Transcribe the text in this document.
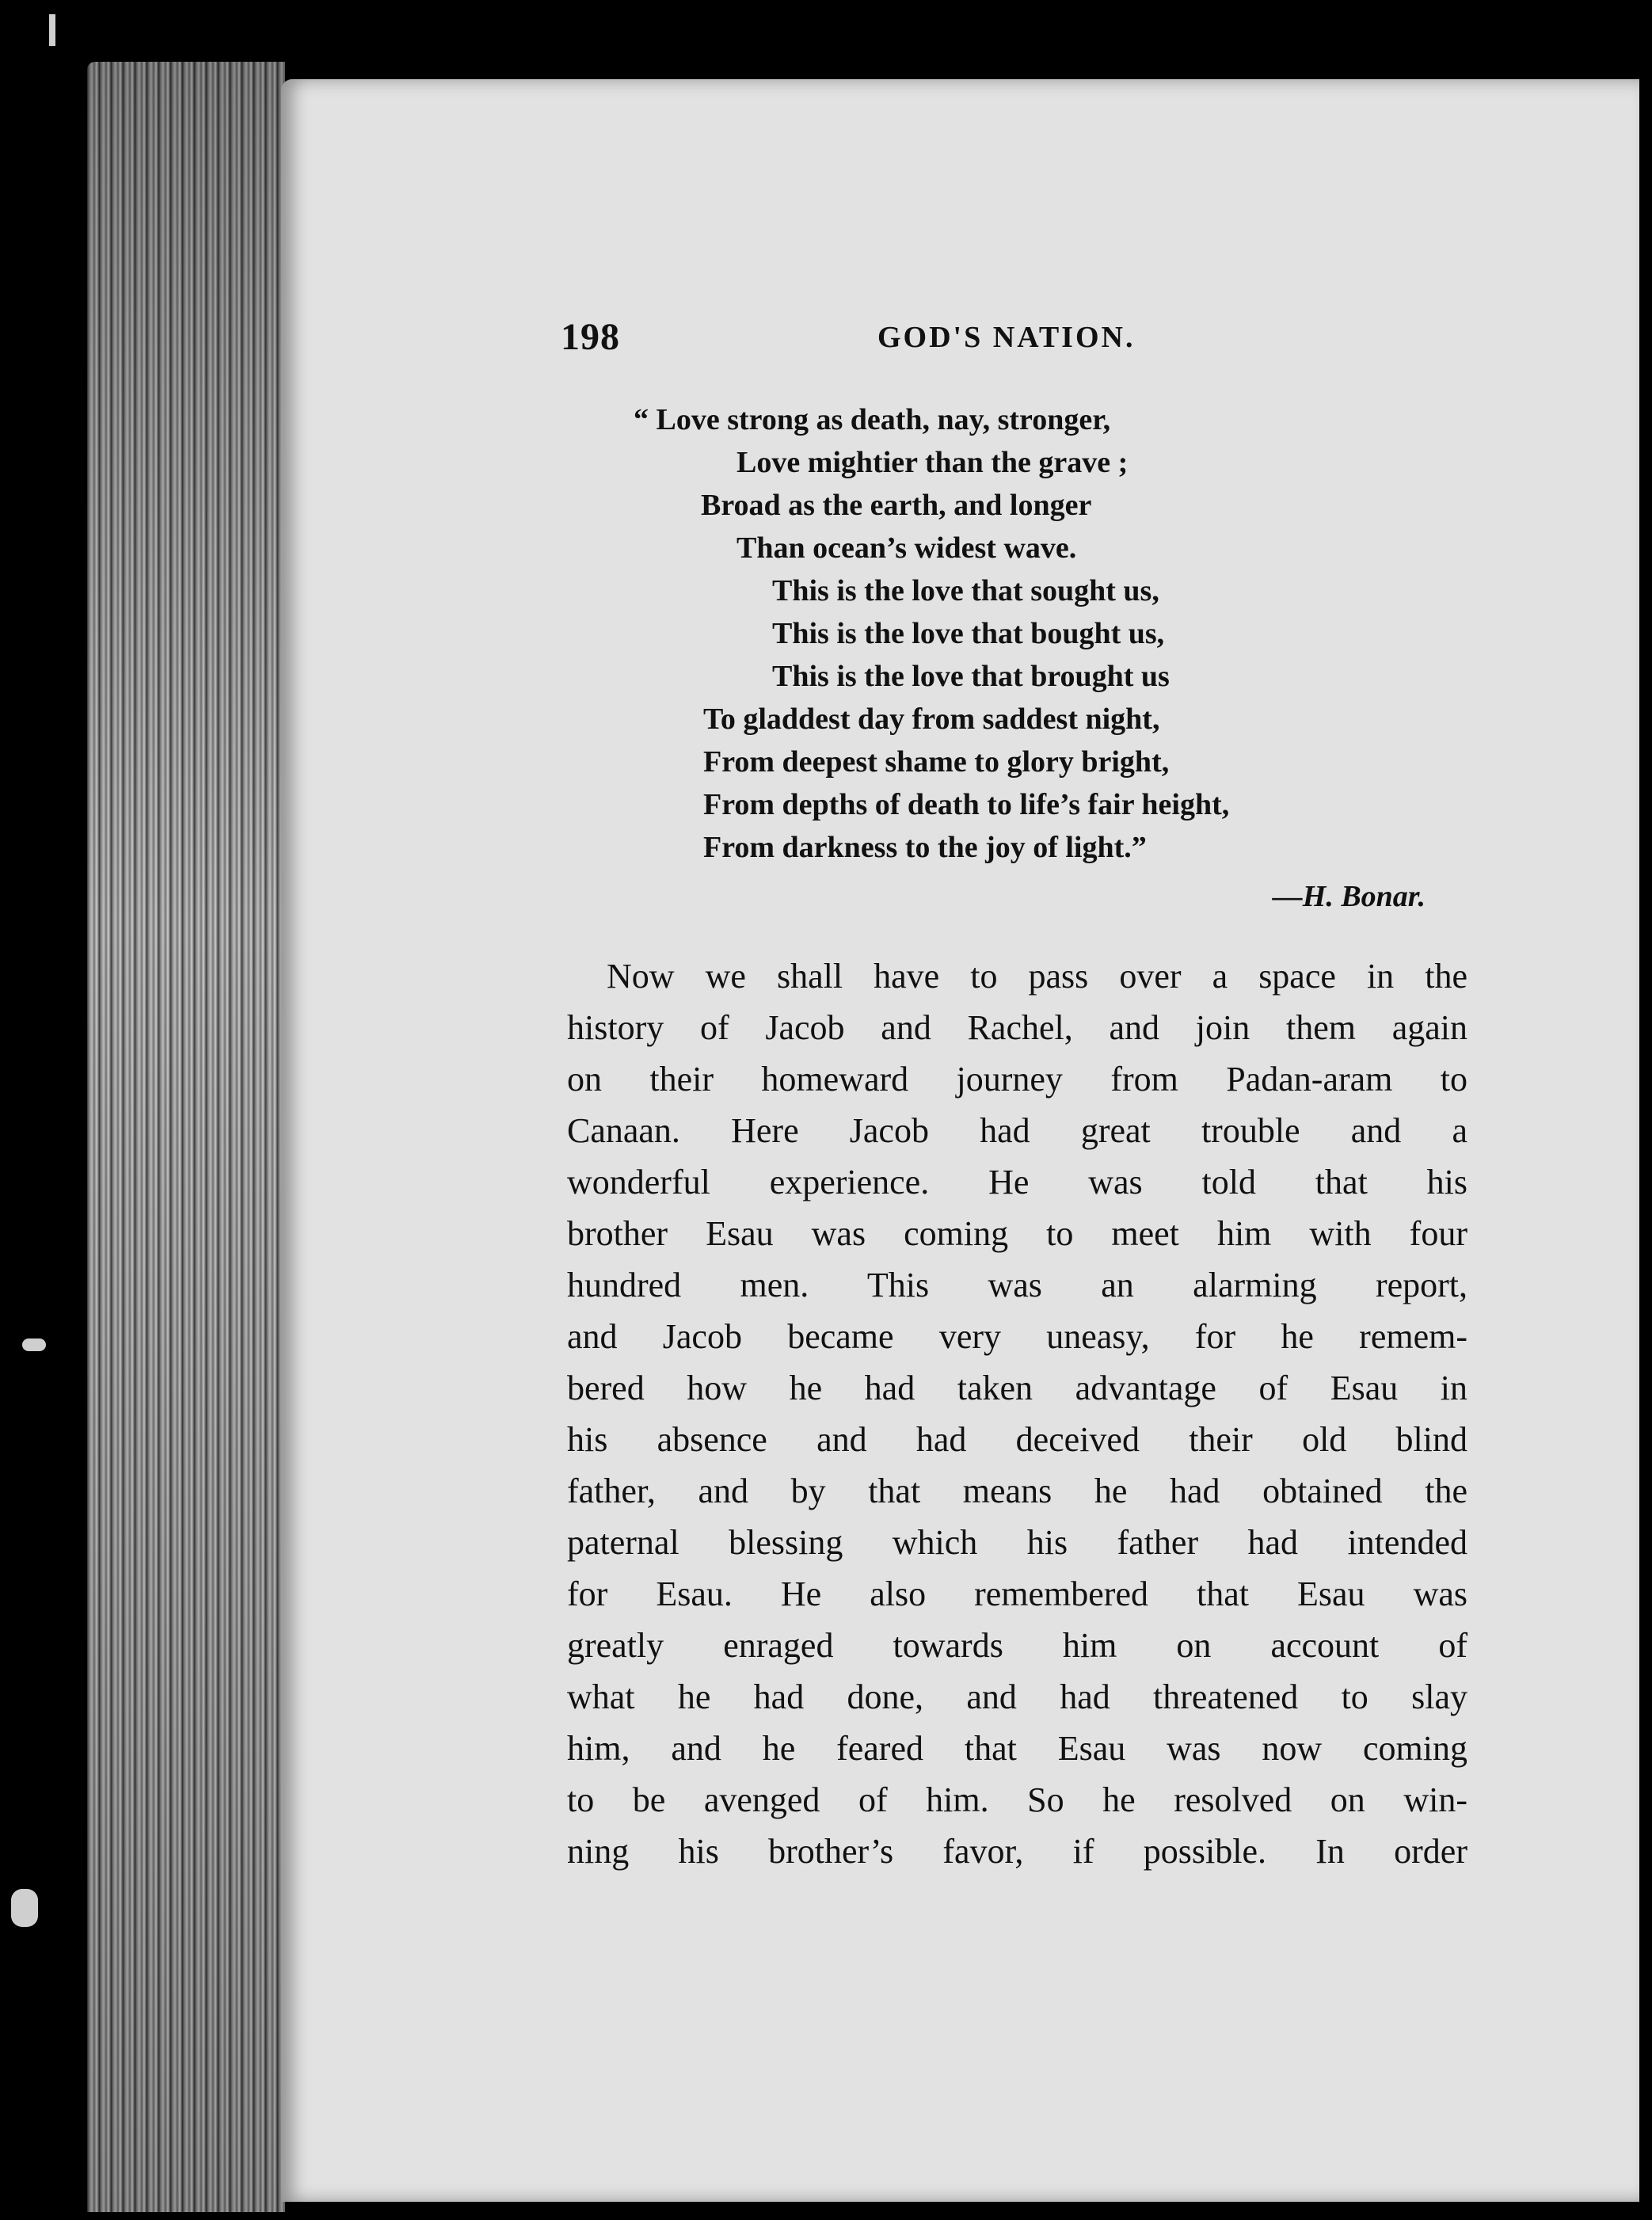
198	GOD'S NATION.
“ Love strong as death, nay, stronger,
Love mightier than the grave ;
Broad as the earth, and longer
Than ocean’s widest wave.
This is the love that sought us,
This is the love that bought us,
This is the love that brought us
To gladdest day from saddest night,
From deepest shame to glory bright,
From depths of death to life’s fair height,
From darkness to the joy of light.”
—H. Bonar.
Now we shall have to pass over a space in the
history of Jacob and Rachel, and join them again
on their homeward journey from Padan-aram to
Canaan. Here Jacob had great trouble and a
wonderful experience. He was told that his
brother Esau was coming to meet him with four
hundred men. This was an alarming report,
and Jacob became very uneasy, for he remem-
bered how he had taken advantage of Esau in
his absence and had deceived their old blind
father, and by that means he had obtained the
paternal blessing which his father had intended
for Esau. He also remembered that Esau was
greatly enraged towards him on account of
what he had done, and had threatened to slay
him, and he feared that Esau was now coming
to be avenged of him. So he resolved on win-
ning his brother’s favor, if possible. In order
